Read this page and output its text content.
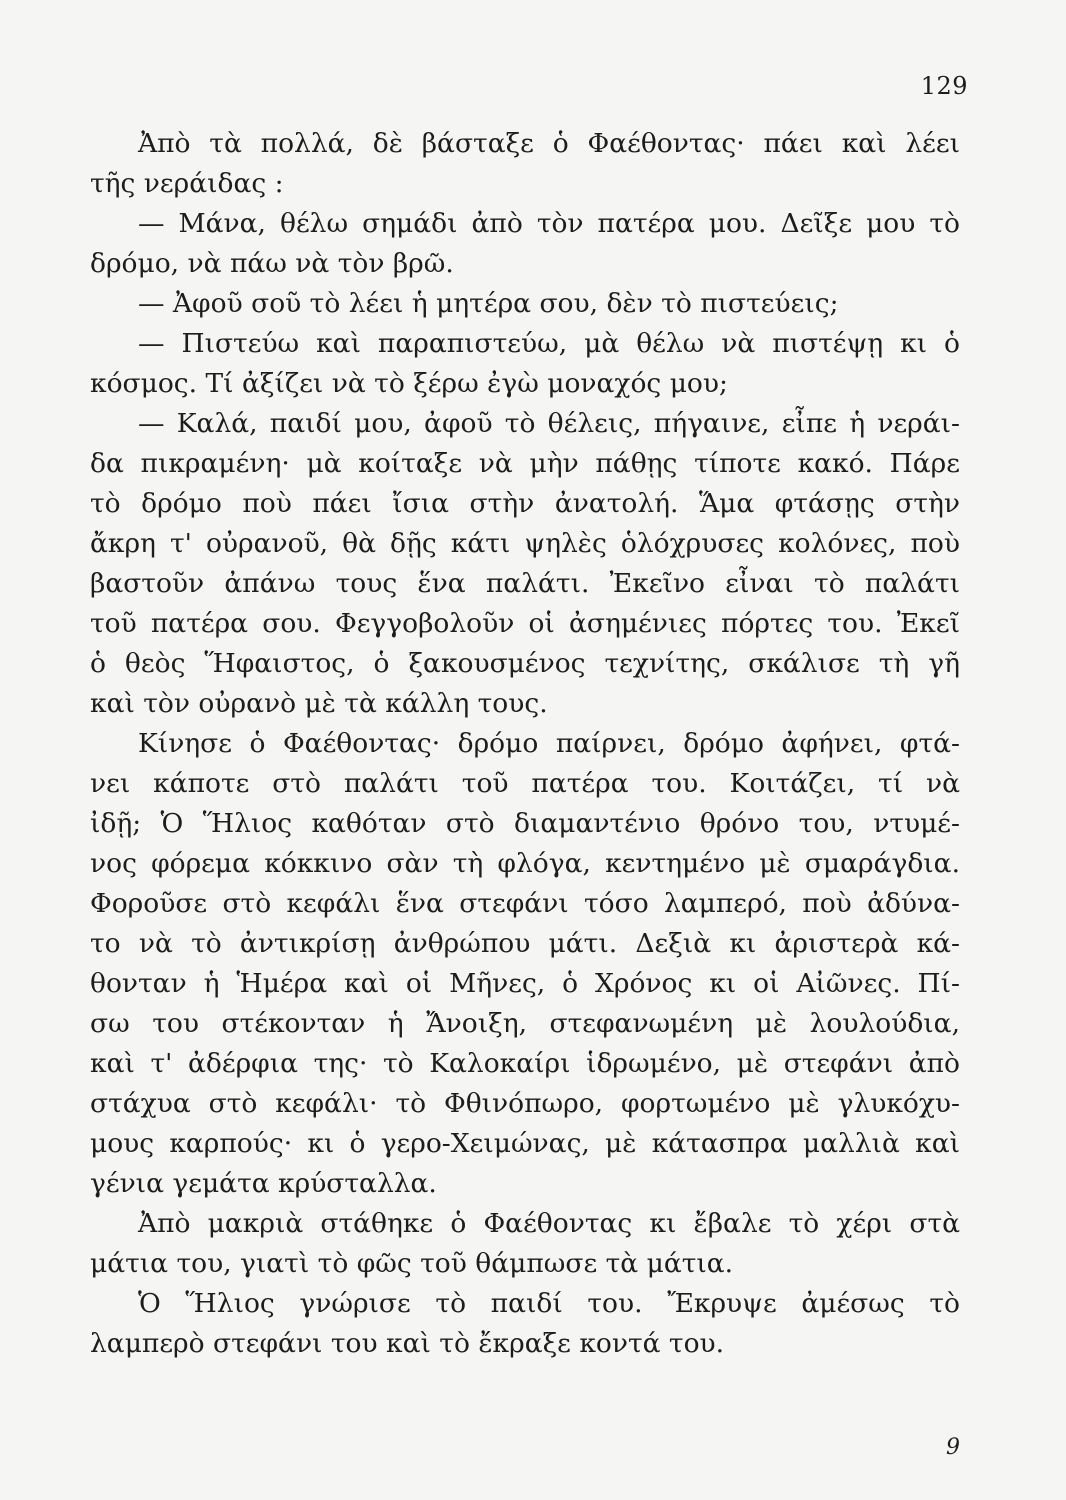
129
Ἀπὸ τὰ πολλά, δὲ βάσταξε ὁ Φαέθοντας· πάει καὶ λέει
τῆς νεράιδας :
— Μάνα, θέλω σημάδι ἀπὸ τὸν πατέρα μου. Δεῖξε μου τὸ
δρόμο, νὰ πάω νὰ τὸν βρῶ.
— Ἀφοῦ σοῦ τὸ λέει ἡ μητέρα σου, δὲν τὸ πιστεύεις;
— Πιστεύω καὶ παραπιστεύω, μὰ θέλω νὰ πιστέψῃ κι ὁ
κόσμος. Τί ἀξίζει νὰ τὸ ξέρω ἐγὼ μοναχός μου;
— Καλά, παιδί μου, ἀφοῦ τὸ θέλεις, πήγαινε, εἶπε ἡ νεράι-
δα πικραμένη· μὰ κοίταξε νὰ μὴν πάθῃς τίποτε κακό. Πάρε
τὸ δρόμο ποὺ πάει ἴσια στὴν ἀνατολή. Ἅμα φτάσῃς στὴν
ἄκρη τ' οὐρανοῦ, θὰ δῇς κάτι ψηλὲς ὁλόχρυσες κολόνες, ποὺ
βαστοῦν ἀπάνω τους ἕνα παλάτι. Ἐκεῖνο εἶναι τὸ παλάτι
τοῦ πατέρα σου. Φεγγοβολοῦν οἱ ἀσημένιες πόρτες του. Ἐκεῖ
ὁ θεὸς Ἥφαιστος, ὁ ξακουσμένος τεχνίτης, σκάλισε τὴ γῆ
καὶ τὸν οὐρανὸ μὲ τὰ κάλλη τους.
Κίνησε ὁ Φαέθοντας· δρόμο παίρνει, δρόμο ἀφήνει, φτά-
νει κάποτε στὸ παλάτι τοῦ πατέρα του. Κοιτάζει, τί νὰ
ἰδῇ; Ὁ Ἥλιος καθόταν στὸ διαμαντένιο θρόνο του, ντυμέ-
νος φόρεμα κόκκινο σὰν τὴ φλόγα, κεντημένο μὲ σμαράγδια.
Φοροῦσε στὸ κεφάλι ἕνα στεφάνι τόσο λαμπερό, ποὺ ἀδύνα-
το νὰ τὸ ἀντικρίσῃ ἀνθρώπου μάτι. Δεξιὰ κι ἀριστερὰ κά-
θονταν ἡ Ἡμέρα καὶ οἱ Μῆνες, ὁ Χρόνος κι οἱ Αἰῶνες. Πί-
σω του στέκονταν ἡ Ἄνοιξη, στεφανωμένη μὲ λουλούδια,
καὶ τ' ἀδέρφια της· τὸ Καλοκαίρι ἱδρωμένο, μὲ στεφάνι ἀπὸ
στάχυα στὸ κεφάλι· τὸ Φθινόπωρο, φορτωμένο μὲ γλυκόχυ-
μους καρπούς· κι ὁ γερο-Χειμώνας, μὲ κάτασπρα μαλλιὰ καὶ
γένια γεμάτα κρύσταλλα.
Ἀπὸ μακριὰ στάθηκε ὁ Φαέθοντας κι ἔβαλε τὸ χέρι στὰ
μάτια του, γιατὶ τὸ φῶς τοῦ θάμπωσε τὰ μάτια.
Ὁ Ἥλιος γνώρισε τὸ παιδί του. Ἔκρυψε ἀμέσως τὸ
λαμπερὸ στεφάνι του καὶ τὸ ἔκραξε κοντά του.
9
